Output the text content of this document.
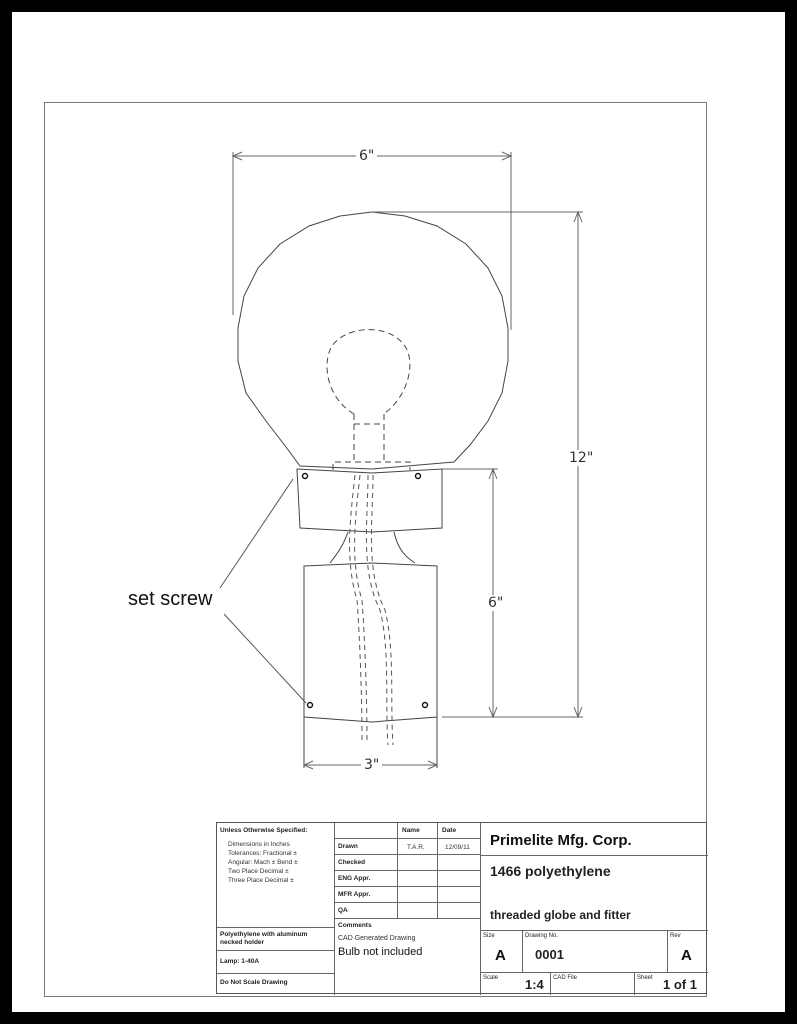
6"
12"
6"
3"
set screw
Unless Otherwise Specified:
Dimensions in Inches
Tolerances: Fractional ±
Angular: Mach ± Bend ±
Two Place Decimal ±
Three Place Decimal ±
Polyethylene with aluminum necked holder
Lamp: 1-40A
Do Not Scale Drawing
Name	Date
Drawn	T.A.R.	12/09/11
Checked
ENG Appr.
MFR Appr.
QA
Comments
CAD Generated Drawing
Bulb not included
Primelite Mfg. Corp.
1466 polyethylene
threaded globe and fitter
Size
A
Drawing No.
0001
Rev
A
Scale 1:4 CAD File	Sheet 1 of 1
